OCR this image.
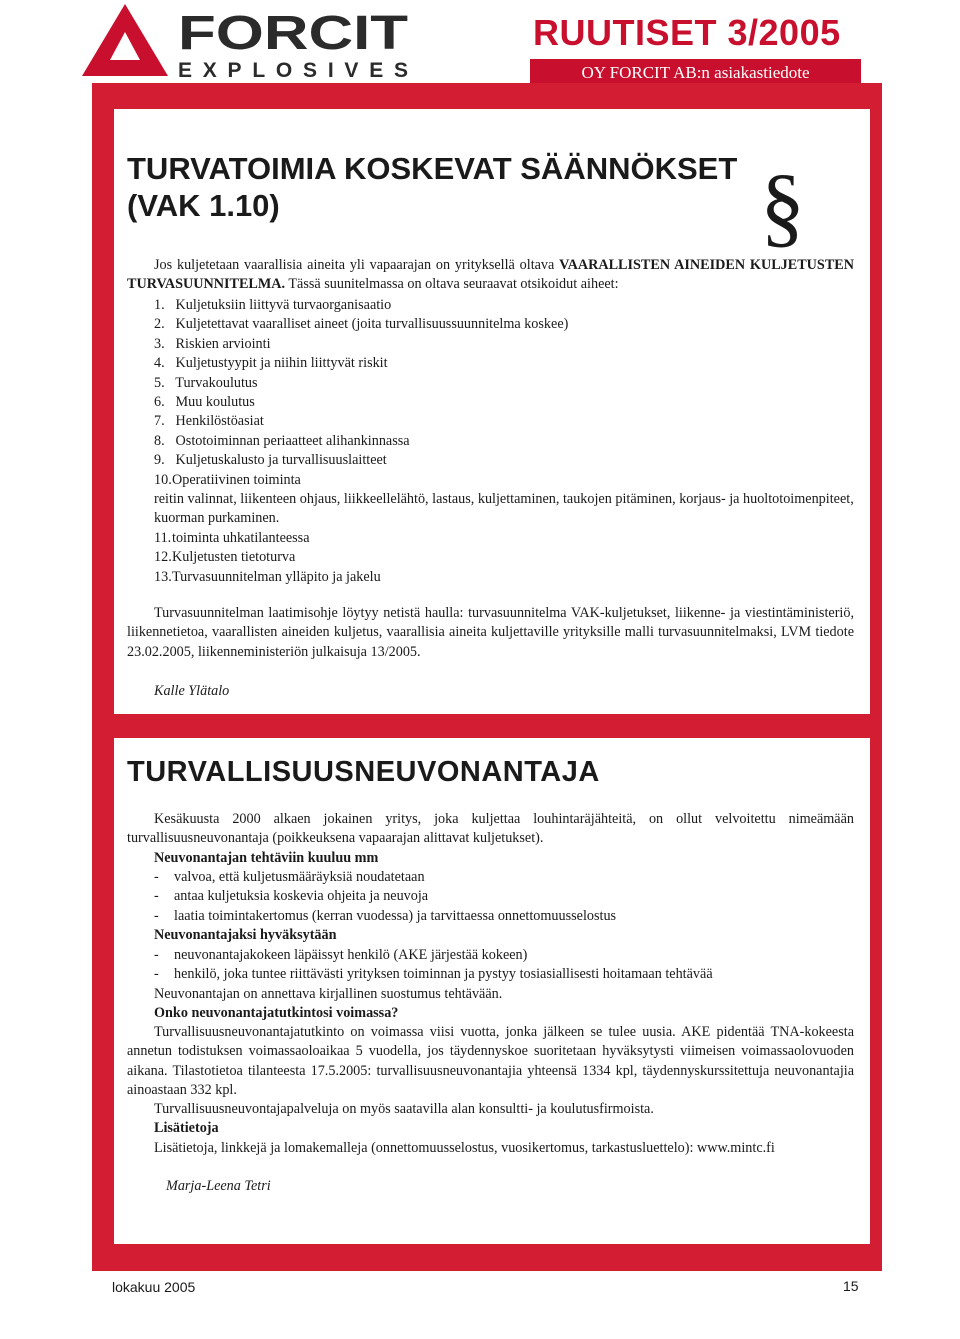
FORCIT
EXPLOSIVES
RUUTISET 3/2005
OY FORCIT AB:n asiakastiedote
TURVATOIMIA KOSKEVAT SÄÄNNÖKSET
(VAK 1.10)	§
Jos kuljetetaan vaarallisia aineita yli vapaarajan on yrityksellä oltava VAARALLISTEN AINEIDEN KULJETUSTEN TURVASUUNNITELMA. Tässä suunitelmassa on oltava seuraavat otsikoidut aiheet:
1. Kuljetuksiin liittyvä turvaorganisaatio
2. Kuljetettavat vaaralliset aineet (joita turvallisuussuunnitelma koskee)
3. Riskien arviointi
4. Kuljetustyypit ja niihin liittyvät riskit
5. Turvakoulutus
6. Muu koulutus
7. Henkilöstöasiat
8. Ostotoiminnan periaatteet alihankinnassa
9. Kuljetuskalusto ja turvallisuuslaitteet
10.Operatiivinen toiminta
reitin valinnat, liikenteen ohjaus, liikkeellelähtö, lastaus, kuljettaminen, taukojen pitäminen, korjaus- ja huoltotoimenpiteet, kuorman purkaminen.
11.toiminta uhkatilanteessa
12.Kuljetusten tietoturva
13.Turvasuunnitelman ylläpito ja jakelu
Turvasuunnitelman laatimisohje löytyy netistä haulla: turvasuunnitelma VAK-kuljetukset, liikenne- ja viestintäministeriö, liikennetietoa, vaarallisten aineiden kuljetus, vaarallisia aineita kuljettaville yrityksille malli turvasuunnitelmaksi, LVM tiedote 23.02.2005, liikenneministeriön julkaisuja 13/2005.
Kalle Ylätalo
TURVALLISUUSNEUVONANTAJA
Kesäkuusta 2000 alkaen jokainen yritys, joka kuljettaa louhintaräjähteitä, on ollut velvoitettu nimeämään turvallisuusneuvonantaja (poikkeuksena vapaarajan alittavat kuljetukset).
Neuvonantajan tehtäviin kuuluu mm
- valvoa, että kuljetusmääräyksiä noudatetaan
- antaa kuljetuksia koskevia ohjeita ja neuvoja
- laatia toimintakertomus (kerran vuodessa) ja tarvittaessa onnettomuusselostus
Neuvonantajaksi hyväksytään
- neuvonantajakokeen läpäissyt henkilö (AKE järjestää kokeen)
- henkilö, joka tuntee riittävästi yrityksen toiminnan ja pystyy tosiasiallisesti hoitamaan tehtävää
Neuvonantajan on annettava kirjallinen suostumus tehtävään.
Onko neuvonantajatutkintosi voimassa?
Turvallisuusneuvonantajatutkinto on voimassa viisi vuotta, jonka jälkeen se tulee uusia. AKE pidentää TNA-kokeesta annetun todistuksen voimassaoloaikaa 5 vuodella, jos täydennyskoe suoritetaan hyväksytysti viimeisen voimassaolovuoden aikana. Tilastotietoa tilanteesta 17.5.2005: turvallisuusneuvonantajia yhteensä 1334 kpl, täydennyskurssitettuja neuvonantajia ainoastaan 332 kpl.
Turvallisuusneuvontajapalveluja on myös saatavilla alan konsultti- ja koulutusfirmoista.
Lisätietoja
Lisätietoja, linkkejä ja lomakemalleja (onnettomuusselostus, vuosikertomus, tarkastusluettelo): www.mintc.fi
Marja-Leena Tetri
lokakuu 2005	15
